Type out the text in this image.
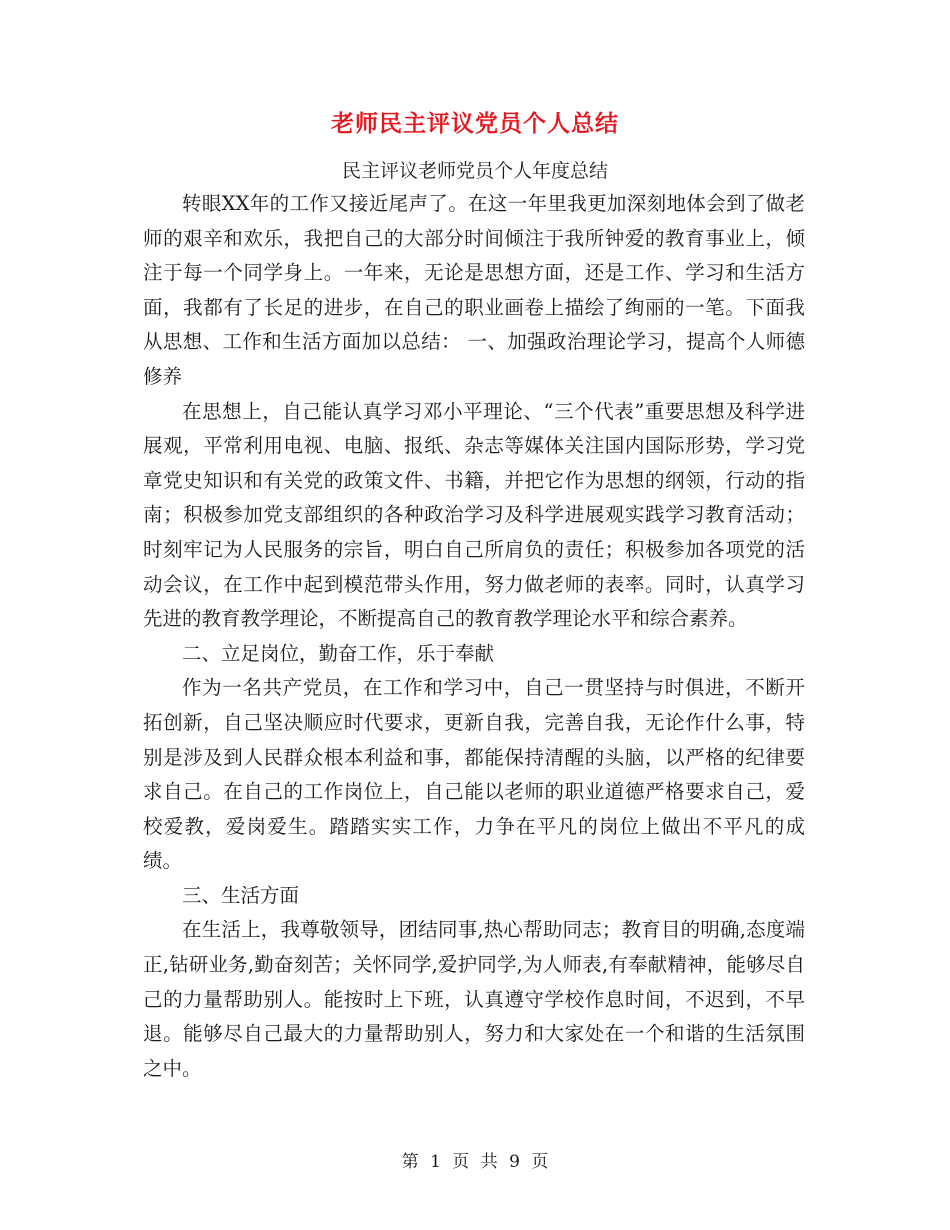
老师民主评议党员个人总结
民主评议老师党员个人年度总结

转眼XX年的工作又接近尾声了。在这一年里我更加深刻地体会到了做老师的艰辛和欢乐，我把自己的大部分时间倾注于我所钟爱的教育事业上，倾注于每一个同学身上。一年来，无论是思想方面，还是工作、学习和生活方面，我都有了长足的进步，在自己的职业画卷上描绘了绚丽的一笔。下面我从思想、工作和生活方面加以总结： 一、加强政治理论学习，提高个人师德修养

在思想上，自己能认真学习邓小平理论、“三个代表”重要思想及科学进展观，平常利用电视、电脑、报纸、杂志等媒体关注国内国际形势，学习党章党史知识和有关党的政策文件、书籍，并把它作为思想的纲领，行动的指南；积极参加党支部组织的各种政治学习及科学进展观实践学习教育活动；时刻牢记为人民服务的宗旨，明白自己所肩负的责任；积极参加各项党的活动会议，在工作中起到模范带头作用，努力做老师的表率。同时，认真学习先进的教育教学理论，不断提高自己的教育教学理论水平和综合素养。

二、立足岗位，勤奋工作，乐于奉献

作为一名共产党员，在工作和学习中，自己一贯坚持与时俱进，不断开拓创新，自己坚决顺应时代要求，更新自我，完善自我，无论作什么事，特别是涉及到人民群众根本利益和事，都能保持清醒的头脑，以严格的纪律要求自己。在自己的工作岗位上，自己能以老师的职业道德严格要求自己，爱校爱教，爱岗爱生。踏踏实实工作，力争在平凡的岗位上做出不平凡的成绩。

三、生活方面

在生活上，我尊敬领导，团结同事,热心帮助同志；教育目的明确,态度端正,钻研业务,勤奋刻苦；关怀同学,爱护同学,为人师表,有奉献精神，能够尽自己的力量帮助别人。能按时上下班，认真遵守学校作息时间，不迟到，不早退。能够尽自己最大的力量帮助别人，努力和大家处在一个和谐的生活氛围之中。

第 1 页 共 9 页
